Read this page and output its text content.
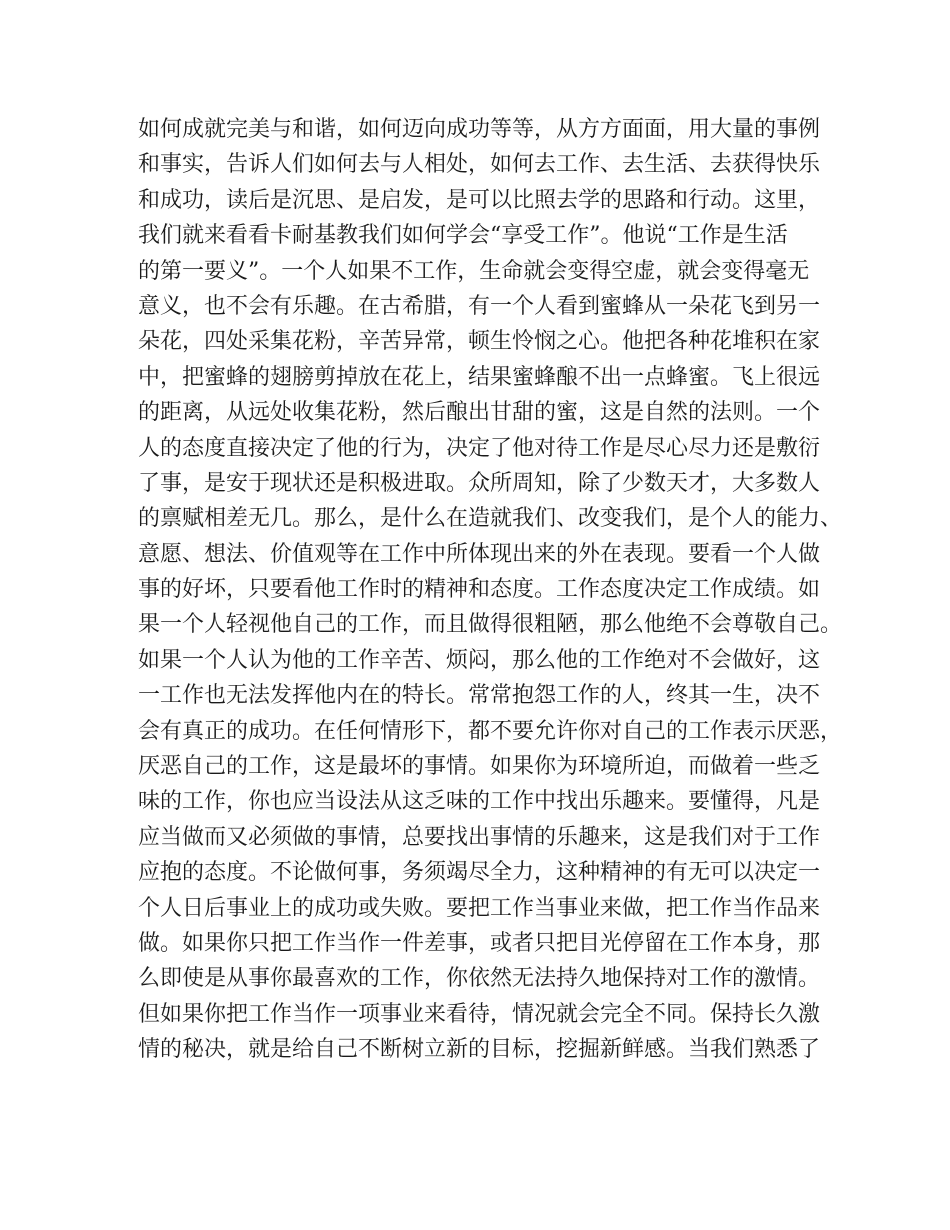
如何成就完美与和谐，如何迈向成功等等，从方方面面，用大量的事例
和事实，告诉人们如何去与人相处，如何去工作、去生活、去获得快乐
和成功，读后是沉思、是启发，是可以比照去学的思路和行动。这里，
我们就来看看卡耐基教我们如何学会“享受工作”。他说“工作是生活
的第一要义”。一个人如果不工作，生命就会变得空虚，就会变得毫无
意义，也不会有乐趣。在古希腊，有一个人看到蜜蜂从一朵花飞到另一
朵花，四处采集花粉，辛苦异常，顿生怜悯之心。他把各种花堆积在家
中，把蜜蜂的翅膀剪掉放在花上，结果蜜蜂酿不出一点蜂蜜。飞上很远
的距离，从远处收集花粉，然后酿出甘甜的蜜，这是自然的法则。一个
人的态度直接决定了他的行为，决定了他对待工作是尽心尽力还是敷衍
了事，是安于现状还是积极进取。众所周知，除了少数天才，大多数人
的禀赋相差无几。那么，是什么在造就我们、改变我们，是个人的能力、
意愿、想法、价值观等在工作中所体现出来的外在表现。要看一个人做
事的好坏，只要看他工作时的精神和态度。工作态度决定工作成绩。如
果一个人轻视他自己的工作，而且做得很粗陋，那么他绝不会尊敬自己。
如果一个人认为他的工作辛苦、烦闷，那么他的工作绝对不会做好，这
一工作也无法发挥他内在的特长。常常抱怨工作的人，终其一生，决不
会有真正的成功。在任何情形下，都不要允许你对自己的工作表示厌恶，
厌恶自己的工作，这是最坏的事情。如果你为环境所迫，而做着一些乏
味的工作，你也应当设法从这乏味的工作中找出乐趣来。要懂得，凡是
应当做而又必须做的事情，总要找出事情的乐趣来，这是我们对于工作
应抱的态度。不论做何事，务须竭尽全力，这种精神的有无可以决定一
个人日后事业上的成功或失败。要把工作当事业来做，把工作当作品来
做。如果你只把工作当作一件差事，或者只把目光停留在工作本身，那
么即使是从事你最喜欢的工作，你依然无法持久地保持对工作的激情。
但如果你把工作当作一项事业来看待，情况就会完全不同。保持长久激
情的秘决，就是给自己不断树立新的目标，挖掘新鲜感。当我们熟悉了
